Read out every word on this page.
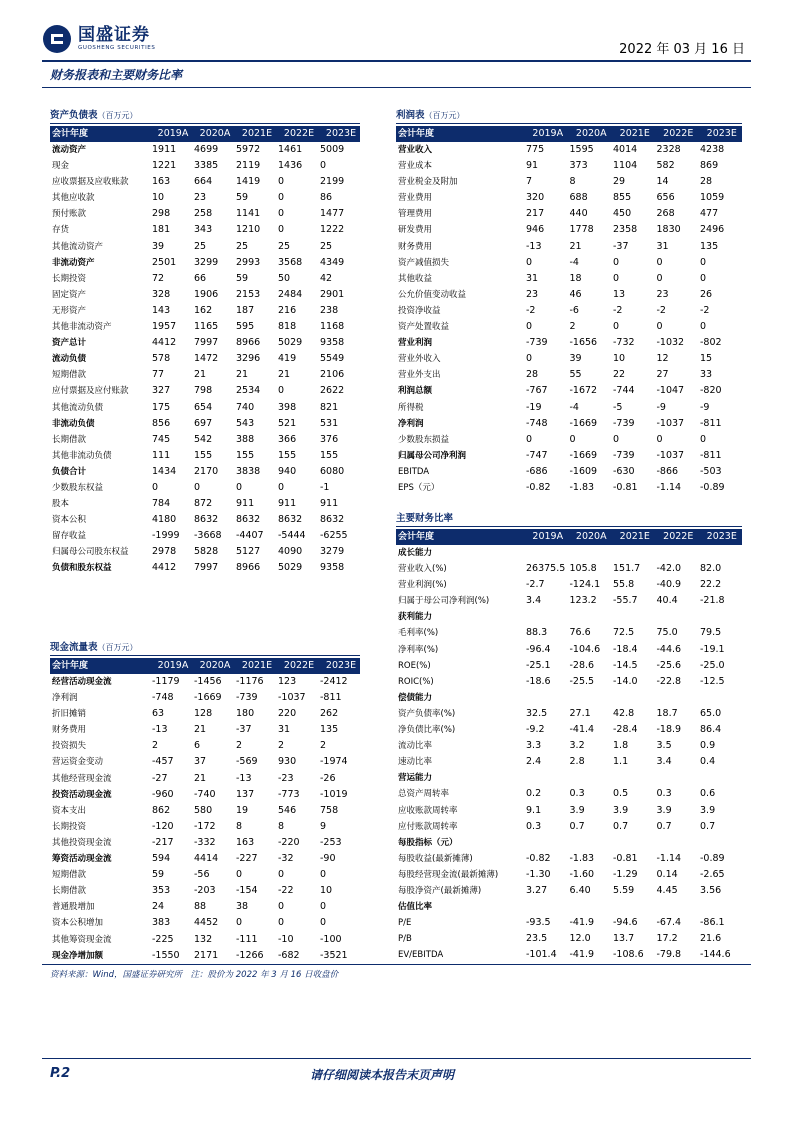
国盛证券
GUOSHENG SECURITIES	2022 年 03 月 16 日
财务报表和主要财务比率
资产负债表（百万元）
会计年度	2019A	2020A	2021E	2022E	2023E
流动资产	1911	4699	5972	1461	5009
现金	1221	3385	2119	1436	0
应收票据及应收账款	163	664	1419	0	2199
其他应收款	10	23	59	0	86
预付账款	298	258	1141	0	1477
存货	181	343	1210	0	1222
其他流动资产	39	25	25	25	25
非流动资产	2501	3299	2993	3568	4349
长期投资	72	66	59	50	42
固定资产	328	1906	2153	2484	2901
无形资产	143	162	187	216	238
其他非流动资产	1957	1165	595	818	1168
资产总计	4412	7997	8966	5029	9358
流动负债	578	1472	3296	419	5549
短期借款	77	21	21	21	2106
应付票据及应付账款	327	798	2534	0	2622
其他流动负债	175	654	740	398	821
非流动负债	856	697	543	521	531
长期借款	745	542	388	366	376
其他非流动负债	111	155	155	155	155
负债合计	1434	2170	3838	940	6080
少数股东权益	0	0	0	0	-1
股本	784	872	911	911	911
资本公积	4180	8632	8632	8632	8632
留存收益	-1999	-3668	-4407	-5444	-6255
归属母公司股东权益	2978	5828	5127	4090	3279
负债和股东权益	4412	7997	8966	5029	9358
利润表（百万元）
会计年度	2019A	2020A	2021E	2022E	2023E
营业收入	775	1595	4014	2328	4238
营业成本	91	373	1104	582	869
营业税金及附加	7	8	29	14	28
营业费用	320	688	855	656	1059
管理费用	217	440	450	268	477
研发费用	946	1778	2358	1830	2496
财务费用	-13	21	-37	31	135
资产减值损失	0	-4	0	0	0
其他收益	31	18	0	0	0
公允价值变动收益	23	46	13	23	26
投资净收益	-2	-6	-2	-2	-2
资产处置收益	0	2	0	0	0
营业利润	-739	-1656	-732	-1032	-802
营业外收入	0	39	10	12	15
营业外支出	28	55	22	27	33
利润总额	-767	-1672	-744	-1047	-820
所得税	-19	-4	-5	-9	-9
净利润	-748	-1669	-739	-1037	-811
少数股东损益	0	0	0	0	0
归属母公司净利润	-747	-1669	-739	-1037	-811
EBITDA	-686	-1609	-630	-866	-503
EPS（元）	-0.82	-1.83	-0.81	-1.14	-0.89
主要财务比率
会计年度	2019A	2020A	2021E	2022E	2023E
成长能力
营业收入(%)	26375.5 105.8	151.7	-42.0	82.0
营业利润(%)	-2.7	-124.1	55.8	-40.9	22.2
归属于母公司净利润(%)	3.4	123.2	-55.7	40.4	-21.8
获利能力
毛利率(%)	88.3	76.6	72.5	75.0	79.5
净利率(%)	-96.4	-104.6	-18.4	-44.6	-19.1
ROE(%)	-25.1	-28.6	-14.5	-25.6	-25.0
ROIC(%)	-18.6	-25.5	-14.0	-22.8	-12.5
偿债能力
资产负债率(%)	32.5	27.1	42.8	18.7	65.0
净负债比率(%)	-9.2	-41.4	-28.4	-18.9	86.4
流动比率	3.3	3.2	1.8	3.5	0.9
速动比率	2.4	2.8	1.1	3.4	0.4
营运能力
总资产周转率	0.2	0.3	0.5	0.3	0.6
应收账款周转率	9.1	3.9	3.9	3.9	3.9
应付账款周转率	0.3	0.7	0.7	0.7	0.7
每股指标（元）
每股收益(最新摊薄)	-0.82	-1.83	-0.81	-1.14	-0.89
每股经营现金流(最新摊薄)	-1.30	-1.60	-1.29	0.14	-2.65
每股净资产(最新摊薄)	3.27	6.40	5.59	4.45	3.56
估值比率
P/E	-93.5	-41.9	-94.6	-67.4	-86.1
P/B	23.5	12.0	13.7	17.2	21.6
EV/EBITDA	-101.4	-41.9	-108.6	-79.8	-144.6
现金流量表（百万元）
会计年度	2019A	2020A	2021E	2022E	2023E
经营活动现金流	-1179	-1456	-1176	123	-2412
净利润	-748	-1669	-739	-1037	-811
折旧摊销	63	128	180	220	262
财务费用	-13	21	-37	31	135
投资损失	2	6	2	2	2
营运资金变动	-457	37	-569	930	-1974
其他经营现金流	-27	21	-13	-23	-26
投资活动现金流	-960	-740	137	-773	-1019
资本支出	862	580	19	546	758
长期投资	-120	-172	8	8	9
其他投资现金流	-217	-332	163	-220	-253
筹资活动现金流	594	4414	-227	-32	-90
短期借款	59	-56	0	0	0
长期借款	353	-203	-154	-22	10
普通股增加	24	88	38	0	0
资本公积增加	383	4452	0	0	0
其他筹资现金流	-225	132	-111	-10	-100
现金净增加额	-1550	2171	-1266	-682	-3521
资料来源：Wind，国盛证券研究所　注：股价为 2022 年 3 月 16 日收盘价
P.2	请仔细阅读本报告末页声明
